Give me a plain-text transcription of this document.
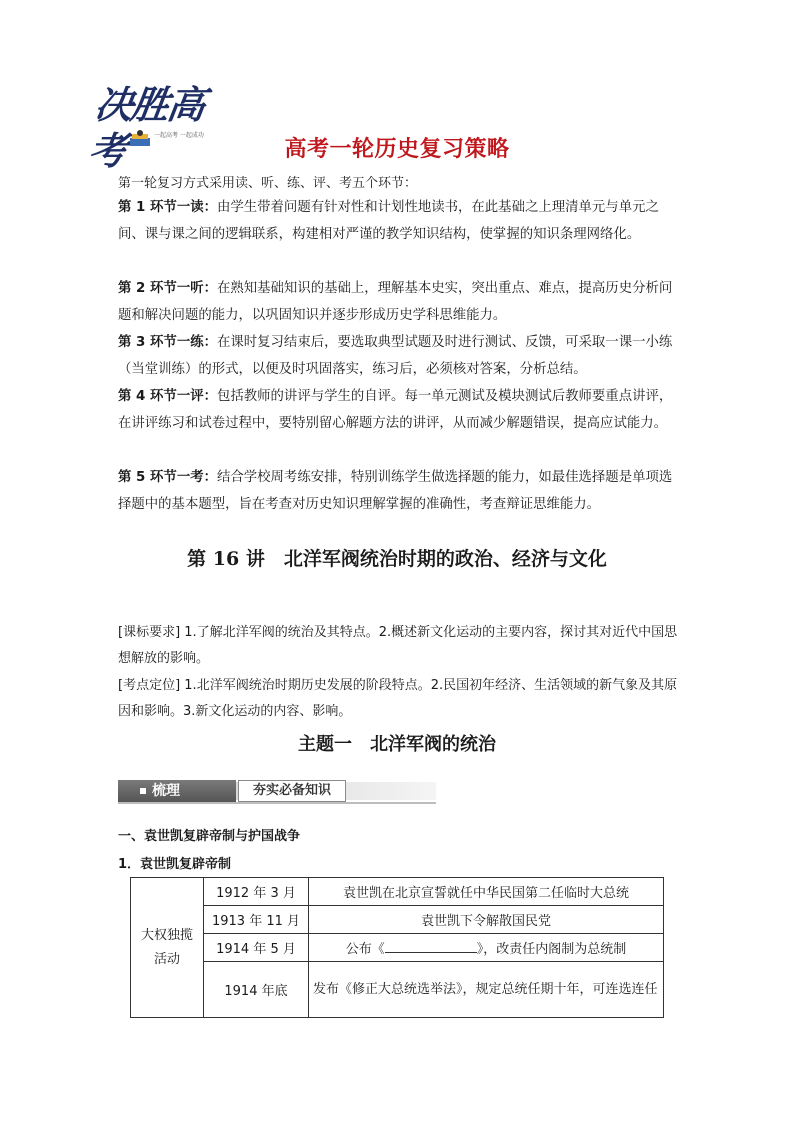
决胜高考	一起高考 一起成功
高考一轮历史复习策略
第一轮复习方式采用读、听、练、评、考五个环节：
第 1 环节一读：由学生带着问题有针对性和计划性地读书，在此基础之上理清单元与单元之间、课与课之间的逻辑联系，构建相对严谨的教学知识结构，使掌握的知识条理网络化。
第 2 环节一听：在熟知基础知识的基础上，理解基本史实，突出重点、难点，提高历史分析问题和解决问题的能力，以巩固知识并逐步形成历史学科思维能力。
第 3 环节一练：在课时复习结束后，要选取典型试题及时进行测试、反馈，可采取一课一小练（当堂训练）的形式，以便及时巩固落实，练习后，必须核对答案，分析总结。
第 4 环节一评：包括教师的讲评与学生的自评。每一单元测试及模块测试后教师要重点讲评，在讲评练习和试卷过程中，要特别留心解题方法的讲评，从而减少解题错误，提高应试能力。
第 5 环节一考：结合学校周考练安排，特别训练学生做选择题的能力，如最佳选择题是单项选择题中的基本题型，旨在考查对历史知识理解掌握的准确性，考查辩证思维能力。
第 16 讲　北洋军阀统治时期的政治、经济与文化
[课标要求] 1.了解北洋军阀的统治及其特点。2.概述新文化运动的主要内容，探讨其对近代中国思想解放的影响。
[考点定位] 1.北洋军阀统治时期历史发展的阶段特点。2.民国初年经济、生活领域的新气象及其原因和影响。3.新文化运动的内容、影响。
主题一　北洋军阀的统治
梳理	夯实必备知识
一、袁世凯复辟帝制与护国战争
1．袁世凯复辟帝制
大权独揽活动	1912 年 3 月	袁世凯在北京宣誓就任中华民国第二任临时大总统
	1913 年 11 月	袁世凯下令解散国民党
	1914 年 5 月	公布《 》，改责任内阁制为总统制
	1914 年底	发布《修正大总统选举法》，规定总统任期十年，可连选连任
